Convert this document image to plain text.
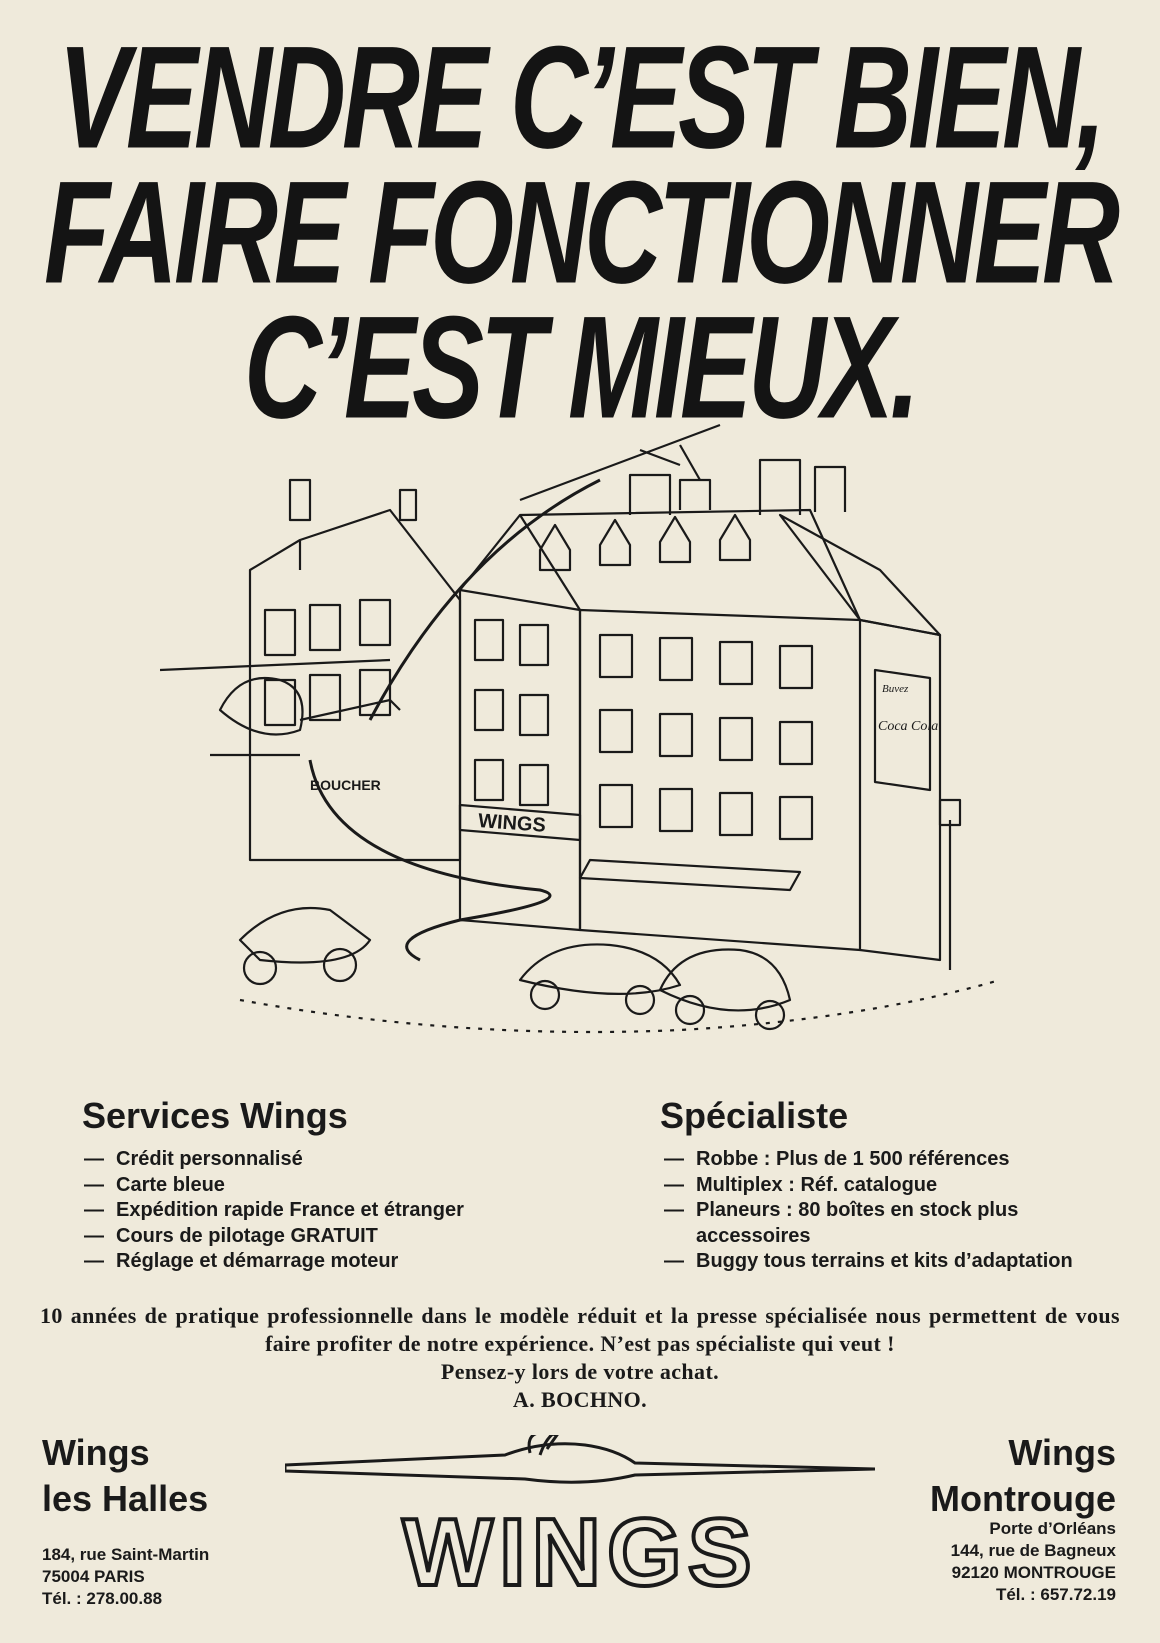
VENDRE C’EST BIEN,
FAIRE FONCTIONNER
C’EST MIEUX.
WINGS
BOUCHER
Buvez
Coca Cola
Services Wings
— Crédit personnalisé
— Carte bleue
— Expédition rapide France et étranger
— Cours de pilotage GRATUIT
— Réglage et démarrage moteur
Spécialiste
— Robbe : Plus de 1 500 références
— Multiplex : Réf. catalogue
— Planeurs : 80 boîtes en stock plus accessoires
— Buggy tous terrains et kits d’adaptation
10 années de pratique professionnelle dans le modèle réduit et la presse spécialisée nous permettent de vous faire profiter de notre expérience. N’est pas spécialiste qui veut !
Pensez-y lors de votre achat.
A. BOCHNO.
Wings
les Halles
184, rue Saint-Martin
75004 PARIS
Tél. : 278.00.88
Wings
Montrouge
Porte d’Orléans
144, rue de Bagneux
92120 MONTROUGE
Tél. : 657.72.19
WINGS
